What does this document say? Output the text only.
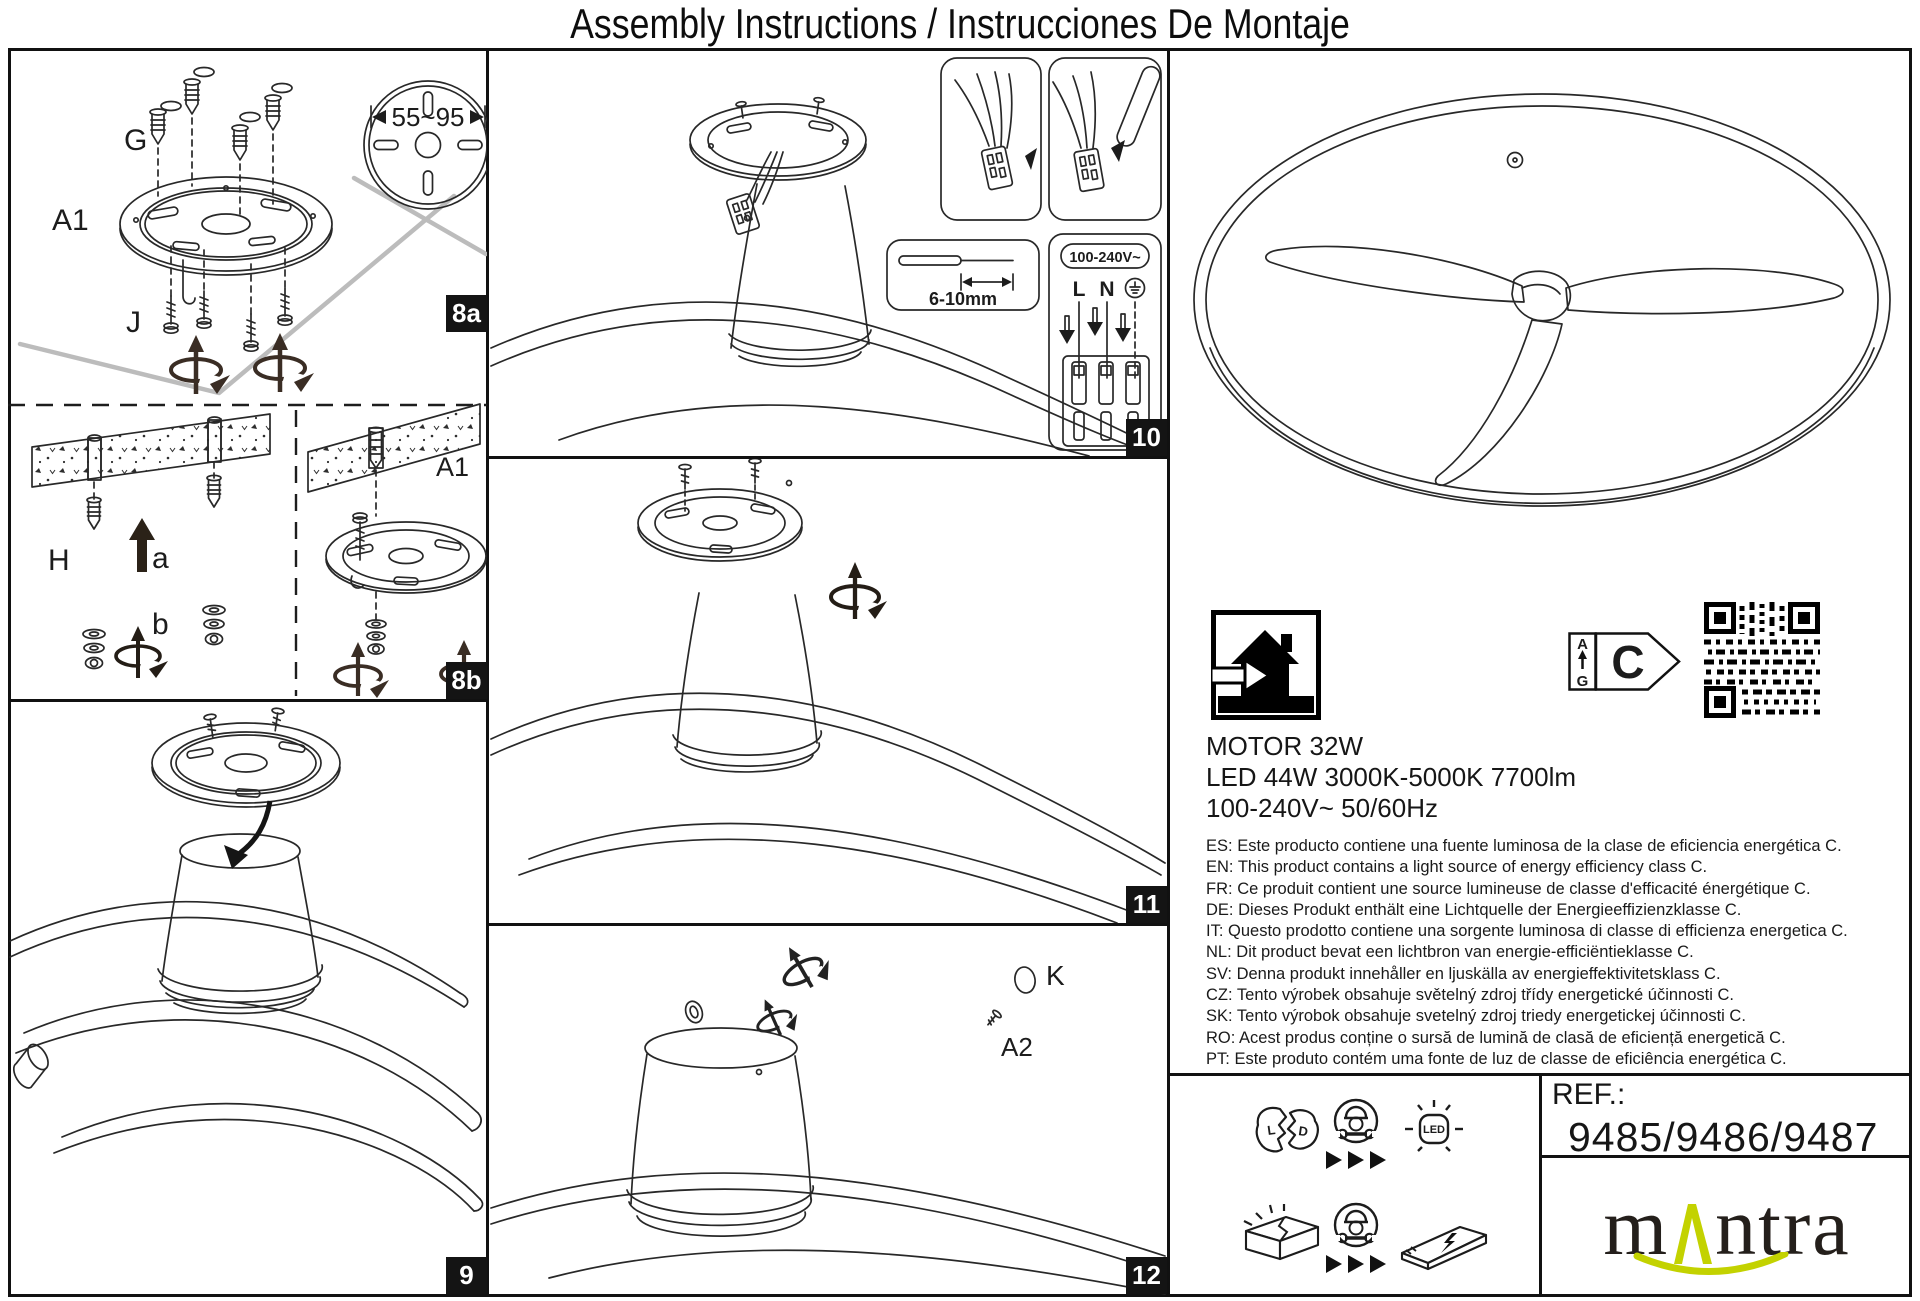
Assembly Instructions / Instrucciones De Montaje
8a
8b
9
10
11
12
G
A1
J
H	a
b
A1
55~95
6-10mm
100-240V~
L N
K
A2
A
G C
MOTOR 32W
LED 44W 3000K-5000K 7700lm
100-240V~ 50/60Hz
ES: Este producto contiene una fuente luminosa de la clase de eficiencia energética C.
EN: This product contains a light source of energy efficiency class C.
FR: Ce produit contient une source lumineuse de classe d'efficacité énergétique C.
DE: Dieses Produkt enthält eine Lichtquelle der Energieeffizienzklasse C.
IT: Questo prodotto contiene una sorgente luminosa di classe di efficienza energetica C.
NL: Dit product bevat een lichtbron van energie-efficiëntieklasse C.
SV: Denna produkt innehåller en ljuskälla av energieffektivitetsklass C.
CZ: Tento výrobek obsahuje světelný zdroj třídy energetické účinnosti C.
SK: Tento výrobok obsahuje svetelný zdroj triedy energetickej účinnosti C.
RO: Acest produs conține o sursă de lumină de clasă de eficiență energetică C.
PT: Este produto contém uma fonte de luz de classe de eficiência energética C.
L D	LED
REF.:
9485/9486/9487
m ntra
